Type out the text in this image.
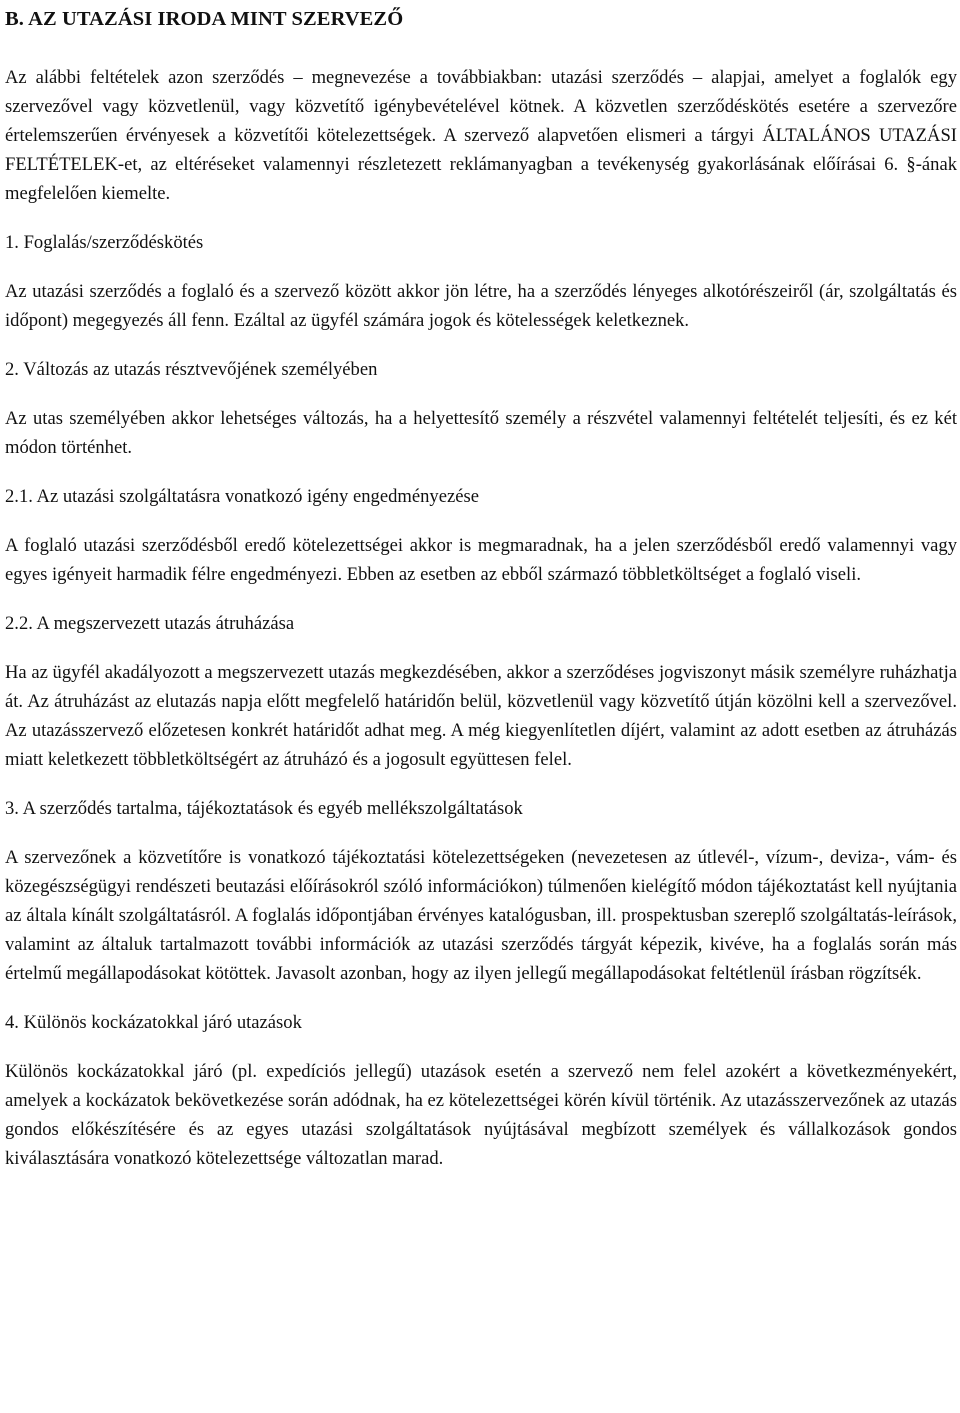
B. AZ UTAZÁSI IRODA MINT SZERVEZŐ

Az alábbi feltételek azon szerződés – megnevezése a továbbiakban: utazási szerződés – alapjai, amelyet a foglalók egy szervezővel vagy közvetlenül, vagy közvetítő igénybevételével kötnek. A közvetlen szerződéskötés esetére a szervezőre értelemszerűen érvényesek a közvetítői kötelezettségek. A szervező alapvetően elismeri a tárgyi ÁLTALÁNOS UTAZÁSI FELTÉTELEK-et, az eltéréseket valamennyi részletezett reklámanyagban a tevékenység gyakorlásának előírásai 6. §-ának megfelelően kiemelte.

1. Foglalás/szerződéskötés

Az utazási szerződés a foglaló és a szervező között akkor jön létre, ha a szerződés lényeges alkotórészeiről (ár, szolgáltatás és időpont) megegyezés áll fenn. Ezáltal az ügyfél számára jogok és kötelességek keletkeznek.

2. Változás az utazás résztvevőjének személyében

Az utas személyében akkor lehetséges változás, ha a helyettesítő személy a részvétel valamennyi feltételét teljesíti, és ez két módon történhet.

2.1. Az utazási szolgáltatásra vonatkozó igény engedményezése

A foglaló utazási szerződésből eredő kötelezettségei akkor is megmaradnak, ha a jelen szerződésből eredő valamennyi vagy egyes igényeit harmadik félre engedményezi. Ebben az esetben az ebből származó többletköltséget a foglaló viseli.

2.2. A megszervezett utazás átruházása

Ha az ügyfél akadályozott a megszervezett utazás megkezdésében, akkor a szerződéses jogviszonyt másik személyre ruházhatja át. Az átruházást az elutazás napja előtt megfelelő határidőn belül, közvetlenül vagy közvetítő útján közölni kell a szervezővel. Az utazásszervező előzetesen konkrét határidőt adhat meg. A még kiegyenlítetlen díjért, valamint az adott esetben az átruházás miatt keletkezett többletköltségért az átruházó és a jogosult együttesen felel.

3. A szerződés tartalma, tájékoztatások és egyéb mellékszolgáltatások

A szervezőnek a közvetítőre is vonatkozó tájékoztatási kötelezettségeken (nevezetesen az útlevél-, vízum-, deviza-, vám- és közegészségügyi rendészeti beutazási előírásokról szóló információkon) túlmenően kielégítő módon tájékoztatást kell nyújtania az általa kínált szolgáltatásról. A foglalás időpontjában érvényes katalógusban, ill. prospektusban szereplő szolgáltatás-leírások, valamint az általuk tartalmazott további információk az utazási szerződés tárgyát képezik, kivéve, ha a foglalás során más értelmű megállapodásokat kötöttek. Javasolt azonban, hogy az ilyen jellegű megállapodásokat feltétlenül írásban rögzítsék.

4. Különös kockázatokkal járó utazások

Különös kockázatokkal járó (pl. expedíciós jellegű) utazások esetén a szervező nem felel azokért a következményekért, amelyek a kockázatok bekövetkezése során adódnak, ha ez kötelezettségei körén kívül történik. Az utazásszervezőnek az utazás gondos előkészítésére és az egyes utazási szolgáltatások nyújtásával megbízott személyek és vállalkozások gondos kiválasztására vonatkozó kötelezettsége változatlan marad.
